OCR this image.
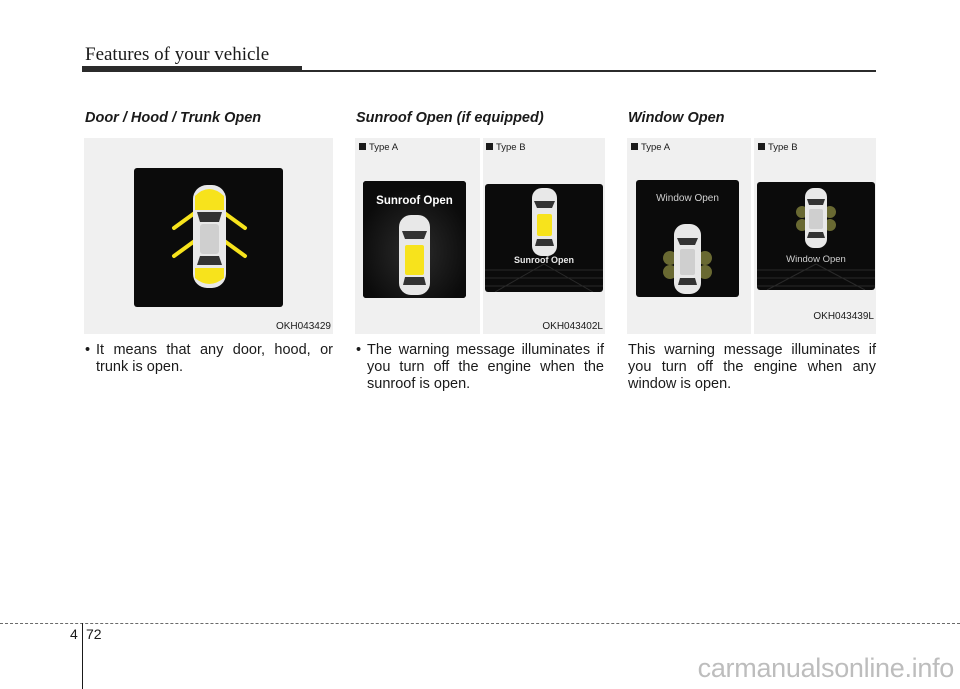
Features of your vehicle
Door / Hood / Trunk Open	Sunroof Open (if equipped)	Window Open
OKH043429
Type A	Type B
Sunroof Open
Sunroof Open
OKH043402L
Type A	Type B
Window Open
Window Open
OKH043439L
• It means that any door, hood, or trunk is open.
• The warning message illuminates if you turn off the engine when the sunroof is open.
This warning message illuminates if you turn off the engine when any window is open.
4 72
carmanualsonline.info
